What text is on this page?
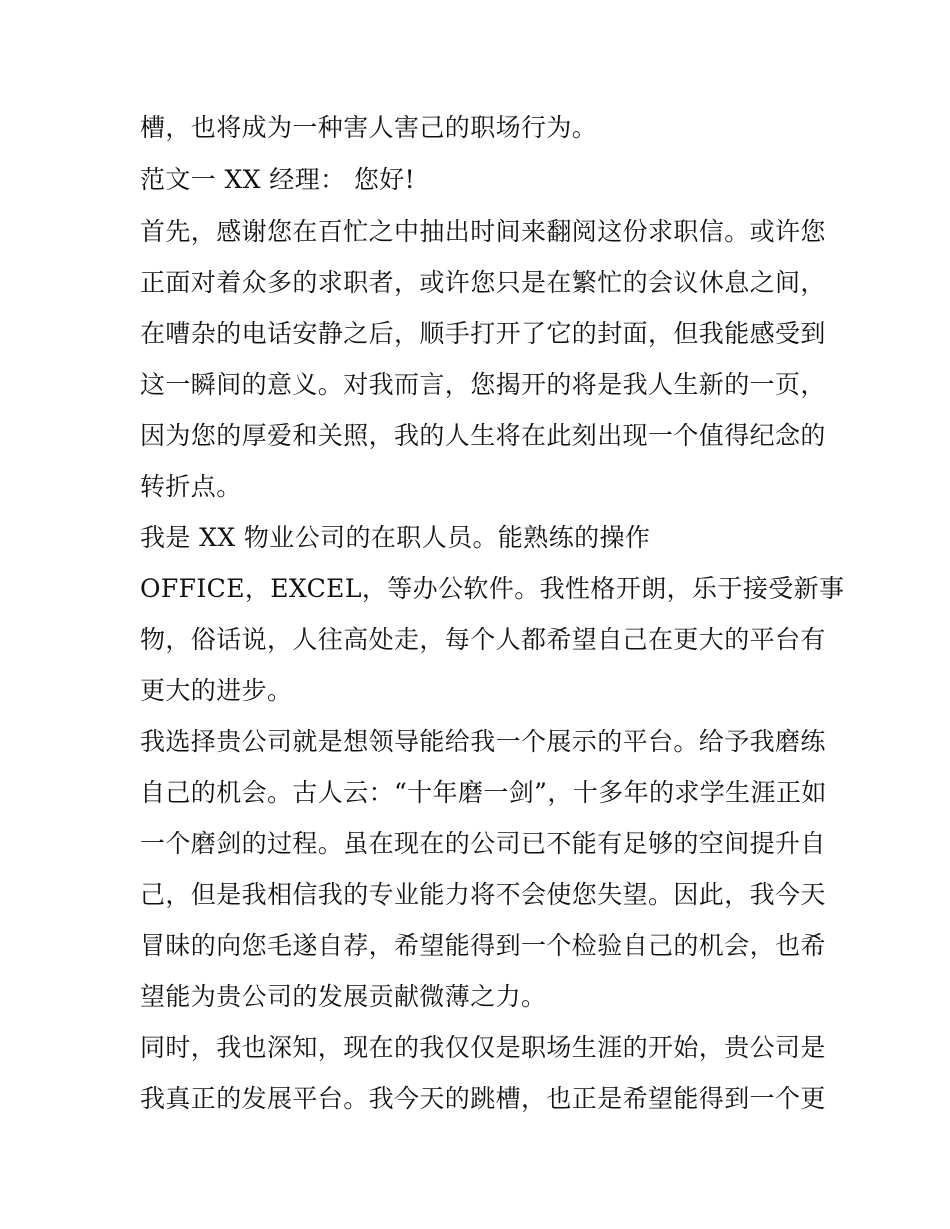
槽，也将成为一种害人害己的职场行为。
范文一 XX 经理： 您好!
首先，感谢您在百忙之中抽出时间来翻阅这份求职信。或许您
正面对着众多的求职者，或许您只是在繁忙的会议休息之间，
在嘈杂的电话安静之后，顺手打开了它的封面，但我能感受到
这一瞬间的意义。对我而言，您揭开的将是我人生新的一页，
因为您的厚爱和关照，我的人生将在此刻出现一个值得纪念的
转折点。
我是 XX 物业公司的在职人员。能熟练的操作
OFFICE，EXCEL，等办公软件。我性格开朗，乐于接受新事
物，俗话说，人往高处走，每个人都希望自己在更大的平台有
更大的进步。
我选择贵公司就是想领导能给我一个展示的平台。给予我磨练
自己的机会。古人云：“十年磨一剑”，十多年的求学生涯正如
一个磨剑的过程。虽在现在的公司已不能有足够的空间提升自
己，但是我相信我的专业能力将不会使您失望。因此，我今天
冒昧的向您毛遂自荐，希望能得到一个检验自己的机会，也希
望能为贵公司的发展贡献微薄之力。
同时，我也深知，现在的我仅仅是职场生涯的开始，贵公司是
我真正的发展平台。我今天的跳槽，也正是希望能得到一个更
